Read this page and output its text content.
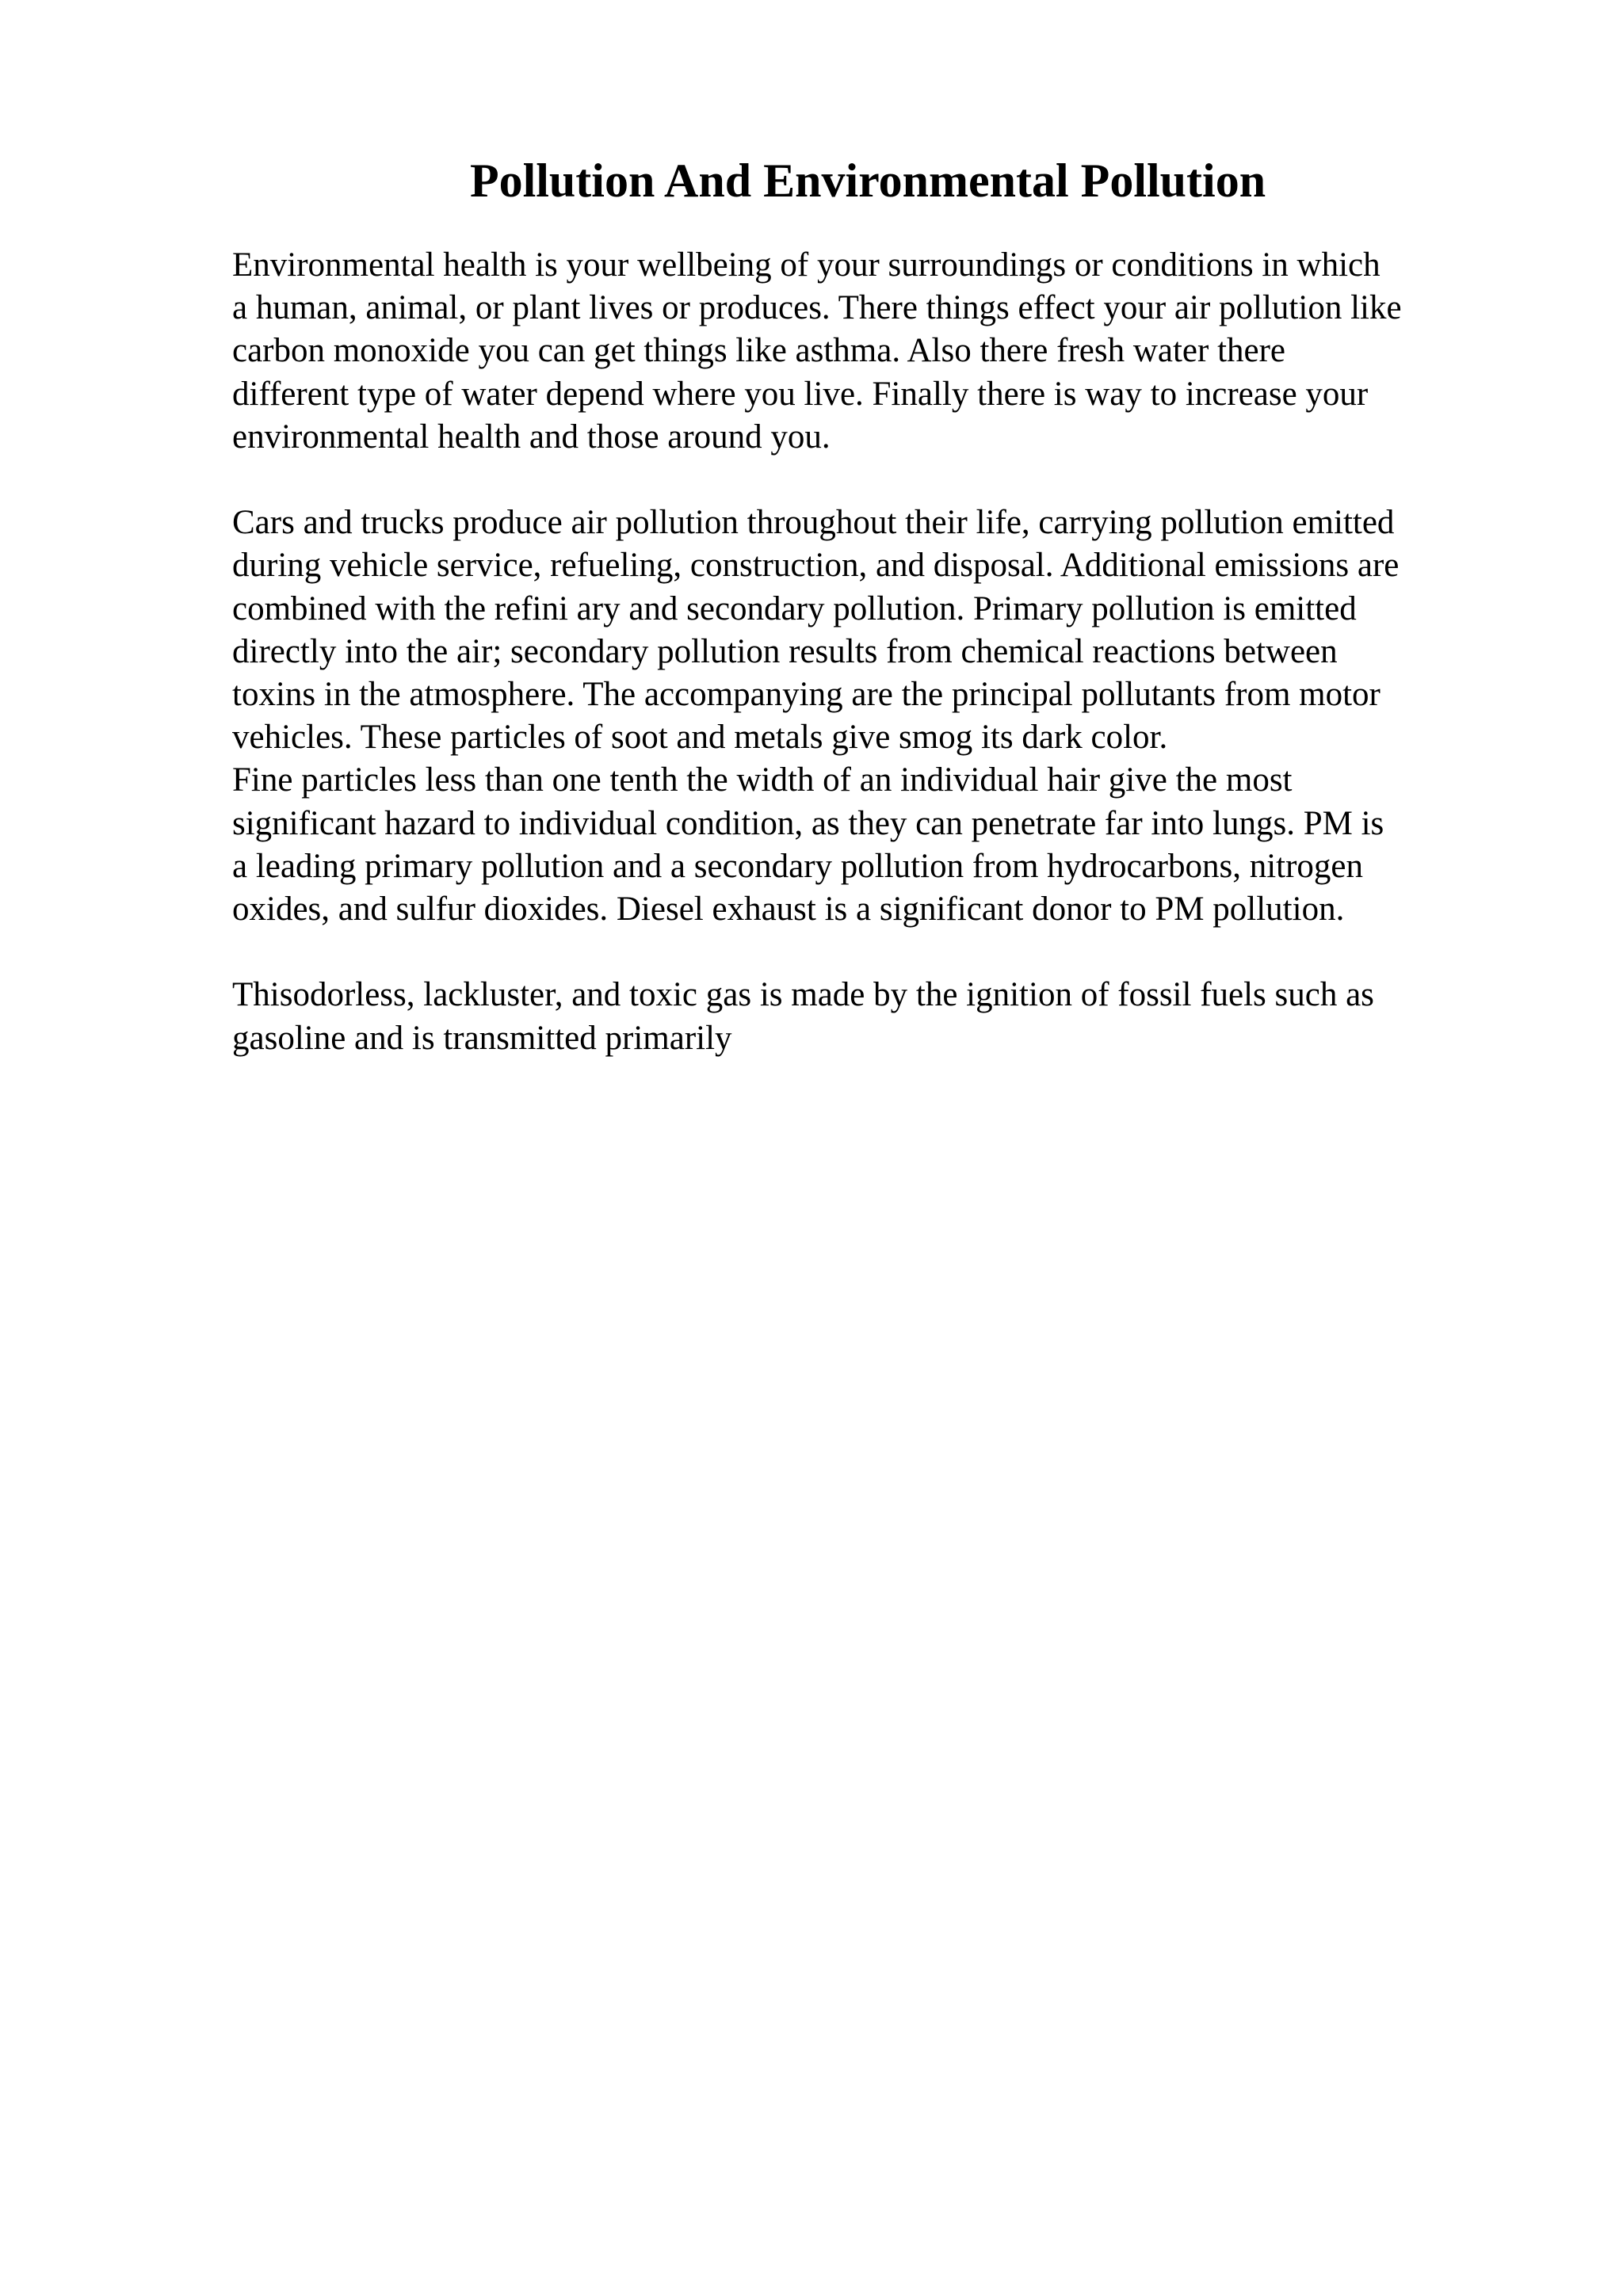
Pollution And Environmental Pollution
Environmental health is your wellbeing of your surroundings or conditions in which
a human, animal, or plant lives or produces. There things effect your air pollution like
carbon monoxide you can get things like asthma. Also there fresh water there
different type of water depend where you live. Finally there is way to increase your
environmental health and those around you.
Cars and trucks produce air pollution throughout their life, carrying pollution emitted
during vehicle service, refueling, construction, and disposal. Additional emissions are
combined with the refini ary and secondary pollution. Primary pollution is emitted
directly into the air; secondary pollution results from chemical reactions between
toxins in the atmosphere. The accompanying are the principal pollutants from motor
vehicles. These particles of soot and metals give smog its dark color.
Fine particles less than one tenth the width of an individual hair give the most
significant hazard to individual condition, as they can penetrate far into lungs. PM is
a leading primary pollution and a secondary pollution from hydrocarbons, nitrogen
oxides, and sulfur dioxides. Diesel exhaust is a significant donor to PM pollution.
Thisodorless, lackluster, and toxic gas is made by the ignition of fossil fuels such as
gasoline and is transmitted primarily
